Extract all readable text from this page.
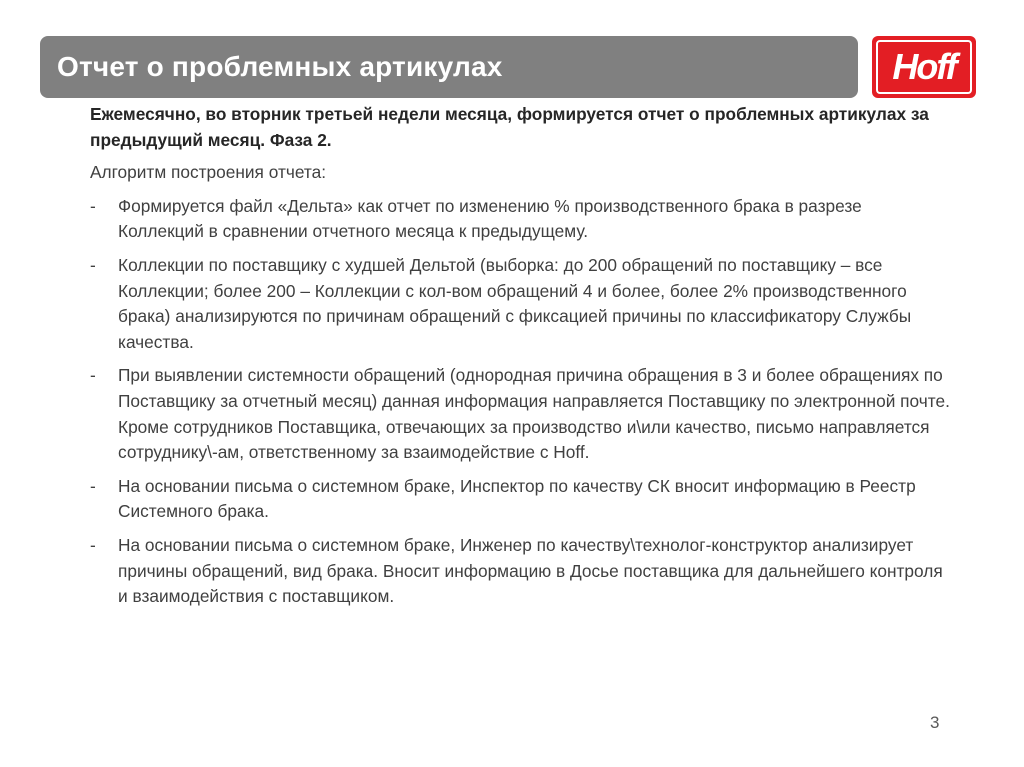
Отчет о проблемных артикулах	Hoff

Ежемесячно, во вторник третьей недели месяца, формируется отчет о проблемных артикулах за предыдущий месяц. Фаза 2.

Алгоритм построения отчета:

- Формируется файл «Дельта» как отчет по изменению % производственного брака в разрезе Коллекций в сравнении отчетного месяца к предыдущему.
- Коллекции по поставщику с худшей Дельтой (выборка: до 200 обращений по поставщику – все Коллекции; более 200 – Коллекции с кол-вом обращений 4 и более, более 2% производственного брака) анализируются по причинам обращений с фиксацией причины по классификатору Службы качества.
- При выявлении системности обращений (однородная причина обращения в 3 и более обращениях по Поставщику за отчетный месяц) данная информация направляется Поставщику по электронной почте. Кроме сотрудников Поставщика, отвечающих за производство и\или качество, письмо направляется сотруднику\-ам, ответственному за взаимодействие с Hoff.
- На основании письма о системном браке, Инспектор по качеству СК вносит информацию в Реестр Системного брака.
- На основании письма о системном браке, Инженер по качеству\технолог-конструктор анализирует причины обращений, вид брака. Вносит информацию в Досье поставщика для дальнейшего контроля и взаимодействия с поставщиком.
3
